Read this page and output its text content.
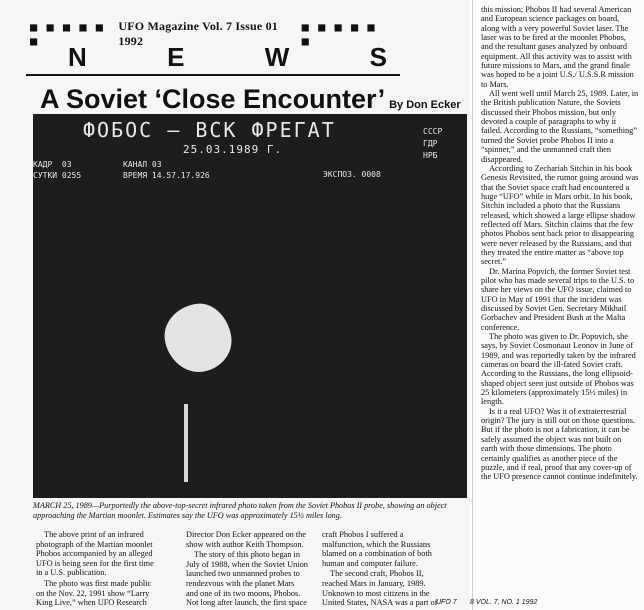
■ ■ ■ ■ ■ ■
UFO Magazine Vol. 7 Issue 01 1992
■ ■ ■ ■ ■ ■
N	E	W	S
A Soviet ‘Close Encounter’ By Don Ecker
ФОБОС — ВСК ФРЕГАТ
25.03.1989 Г.
КАДР  03
СУТКИ 0255
КАНАЛ 03
ВРЕМЯ 14.57.17.926	ЭКСПОЗ. 0008
СССР
ГДР
НРБ
MARCH 25, 1989—Purportedly the above-top-secret infrared photo taken from the Soviet Phobos II probe, showing an object approaching the Martian moonlet. Estimates say the UFO was approximately 15½ miles long.

The above print of an infrared photograph of the Martian moonlet Phobos accompanied by an alleged UFO is being seen for the first time in a U.S. publication.

The photo was first made public on the Nov. 22, 1991 show “Larry King Live,” when UFO Research

Director Don Ecker appeared on the show with author Keith Thompson.

The story of this photo began in July of 1988, when the Soviet Union launched two unmanned probes to rendezvous with the planet Mars and one of its two moons, Phobos. Not long after launch, the first space

craft Phobos I suffered a malfunction, which the Russians blamed on a combination of both human and computer failure.

The second craft, Phobos II, reached Mars in January, 1989. Unknown to most citizens in the United States, NASA was a part of

UFO 7

this mission; Phobos II had several American and European science packages on board, along with a very powerful Soviet laser. The laser was to be fired at the moonlet Phobos, and the resultant gases analyzed by onboard equipment. All this activity was to assist with future missions to Mars, and the grand finale was hoped to be a joint U.S./ U.S.S.R mission to Mars.

All went well until March 25, 1989. Later, in the British publication Nature, the Soviets discussed their Phobos mission, but only devoted a couple of paragraphs to why it failed. According to the Russians, “something” turned the Soviet probe Phobos II into a “spinner,” and the unmanned craft then disappeared.

According to Zechariah Sitchin in his book Genesis Revisited, the rumor going around was that the Soviet space craft had encountered a huge “UFO” while in Mars orbit. In his book, Sitchin included a photo that the Russians released, which showed a large ellipse shadow reflected off Mars. Sitchin claims that the few photos Phobos sent back prior to disappearing were never released by the Russians, and that they treated the entire matter as “above top secret.”

Dr. Marina Popvich, the former Soviet test pilot who has made several trips to the U.S. to share her views on the UFO issue, claimed to UFO in May of 1991 that the incident was discussed by Soviet Gen. Secretary Mikhail Gorbachev and President Bush at the Malta conference.

The photo was given to Dr. Popovich, she says, by Soviet Cosmonaut Leonov in June of 1989, and was reportedly taken by the infrared cameras on board the ill-fated Soviet craft. According to the Russians, the long ellipsoid-shaped object seen just outside of Phobos was 25 kilometers (approximately 15½ miles) in length.

Is it a real UFO? Was it of extraterrestrial origin? The jury is still out on those questions. But if the photo is not a fabrication, it can be safely assumed the object was not built on earth with those dimensions. The photo certainly qualifies as another piece of the puzzle, and if real, proof that any cover-up of the UFO presence cannot continue indefinitely.

8 VOL. 7, NO. 1 1992
